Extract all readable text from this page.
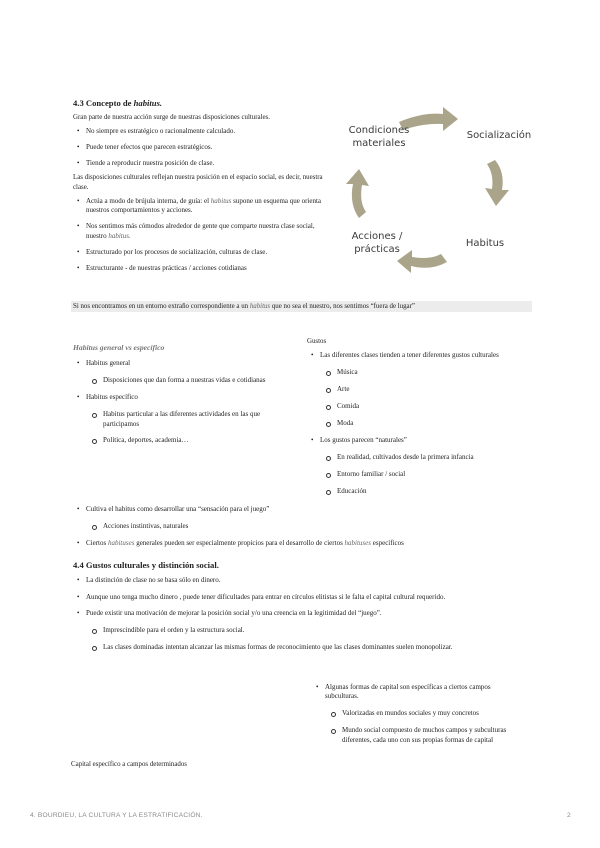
4.3 Concepto de habitus.
Gran parte de nuestra acción surge de nuestras disposiciones culturales.
• No siempre es estratégico o racionalmente calculado.
• Puede tener efectos que parecen estratégicos.
• Tiende a reproducir nuestra posición de clase.
Las disposiciones culturales reflejan nuestra posición en el espacio social, es decir, nuestra clase.
• Actúa a modo de brújula interna, de guía: el habitus supone un esquema que orienta nuestros comportamientos y acciones.
• Nos sentimos más cómodos alrededor de gente que comparte nuestra clase social, nuestro habitus.
• Estructurado por los procesos de socialización, culturas de clase.
• Estructurante - de nuestras prácticas / acciones cotidianas
Si nos encontramos en un entorno extraño correspondiente a un habitus que no sea el nuestro, nos sentimos “fuera de lugar”
Condiciones
materiales
Socialización
Habitus
Acciones /
prácticas
Habitus general vs específico
• Habitus general
Disposiciones que dan forma a nuestras vidas e cotidianas
• Habitus específico
Habitus particular a las diferentes actividades en las que participamos
Política, deportes, academia…
Gustos
• Las diferentes clases tienden a tener diferentes gustos culturales
Música
Arte
Comida
Moda
• Los gustos parecen “naturales”
En realidad, cultivados desde la primera infancia
Entorno familiar / social
Educación
• Cultiva el habitus como desarrollar una “sensación para el juego”
Acciones instintivas, naturales
• Ciertos habituses generales pueden ser especialmente propicios para el desarrollo de ciertos habituses específicos
4.4 Gustos culturales y distinción social.
• La distinción de clase no se basa sólo en dinero.
• Aunque uno tenga mucho dinero , puede tener dificultades para entrar en círculos elitistas si le falta el capital cultural requerido.
• Puede existir una motivación de mejorar la posición social y/o una creencia en la legitimidad del “juego”.
Imprescindible para el orden y la estructura social.
Las clases dominadas intentan alcanzar las mismas formas de reconocimiento que las clases dominantes suelen monopolizar.
• Algunas formas de capital son específicas a ciertos campos subculturas.
Valorizadas en mundos sociales y muy concretos
Mundo social compuesto de muchos campos y subculturas diferentes, cada uno con sus propias formas de capital
Capital específico a campos determinados
4. BOURDIEU, LA CULTURA Y LA ESTRATIFICACIÓN.	2
